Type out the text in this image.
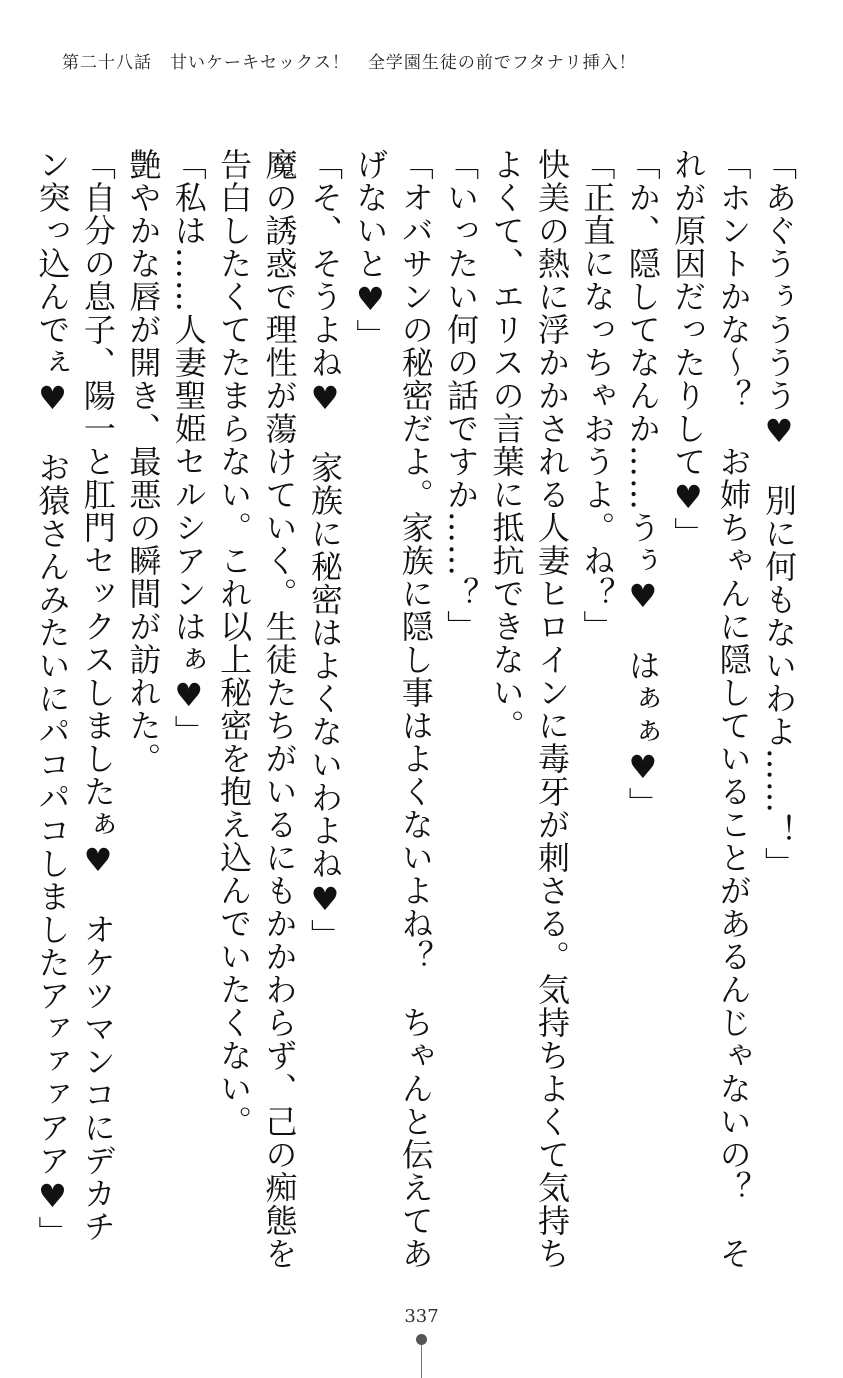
第二十八話　甘いケーキセックス！　全学園生徒の前でフタナリ挿入！

「あぐうぅううう♥　別に何もないわよ……！」

「ホントかな～？　お姉ちゃんに隠していることがあるんじゃないの？　それが原因だったりして♥」

「か、隠してなんか……うぅ♥　はぁぁ♥」

「正直になっちゃおうよ。ね？」

快美の熱に浮かかされる人妻ヒロインに毒牙が刺さる。気持ちよくて気持ちよくて、エリスの言葉に抵抗できない。

「いったい何の話ですか……？」

「オバサンの秘密だよ。家族に隠し事はよくないよね？　ちゃんと伝えてあげないと♥」

「そ、そうよね♥　家族に秘密はよくないわよね♥」

魔の誘惑で理性が蕩けていく。生徒たちがいるにもかかわらず、己の痴態を告白したくてたまらない。これ以上秘密を抱え込んでいたくない。

「私は……人妻聖姫セルシアンはぁ♥」

艶やかな唇が開き、最悪の瞬間が訪れた。

「自分の息子、陽一と肛門セックスしましたぁ♥　オケツマンコにデカチン突っ込んでぇ♥　お猿さんみたいにパコパコしましたアァァァアア♥」

337
